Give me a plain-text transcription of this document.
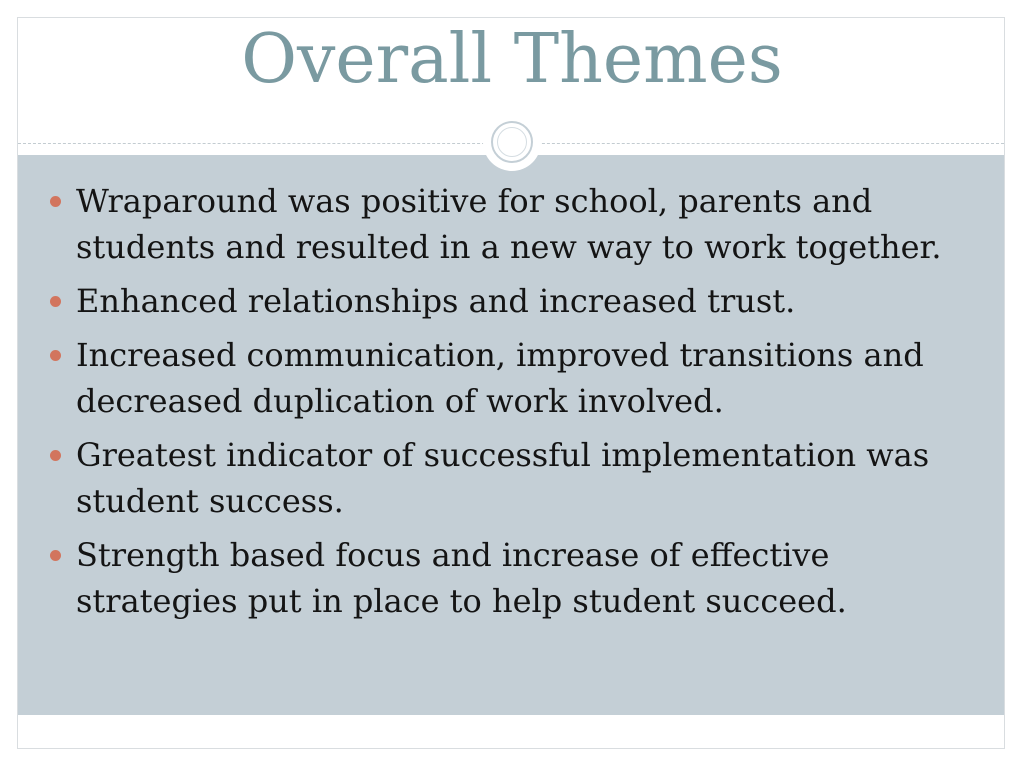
Overall Themes
Wraparound was positive for school, parents and students and resulted in a new way to work together.
Enhanced relationships and increased trust.
Increased communication, improved transitions and decreased duplication of work involved.
Greatest indicator of successful implementation was student success.
Strength based focus and increase of effective strategies put in place to help student succeed.
